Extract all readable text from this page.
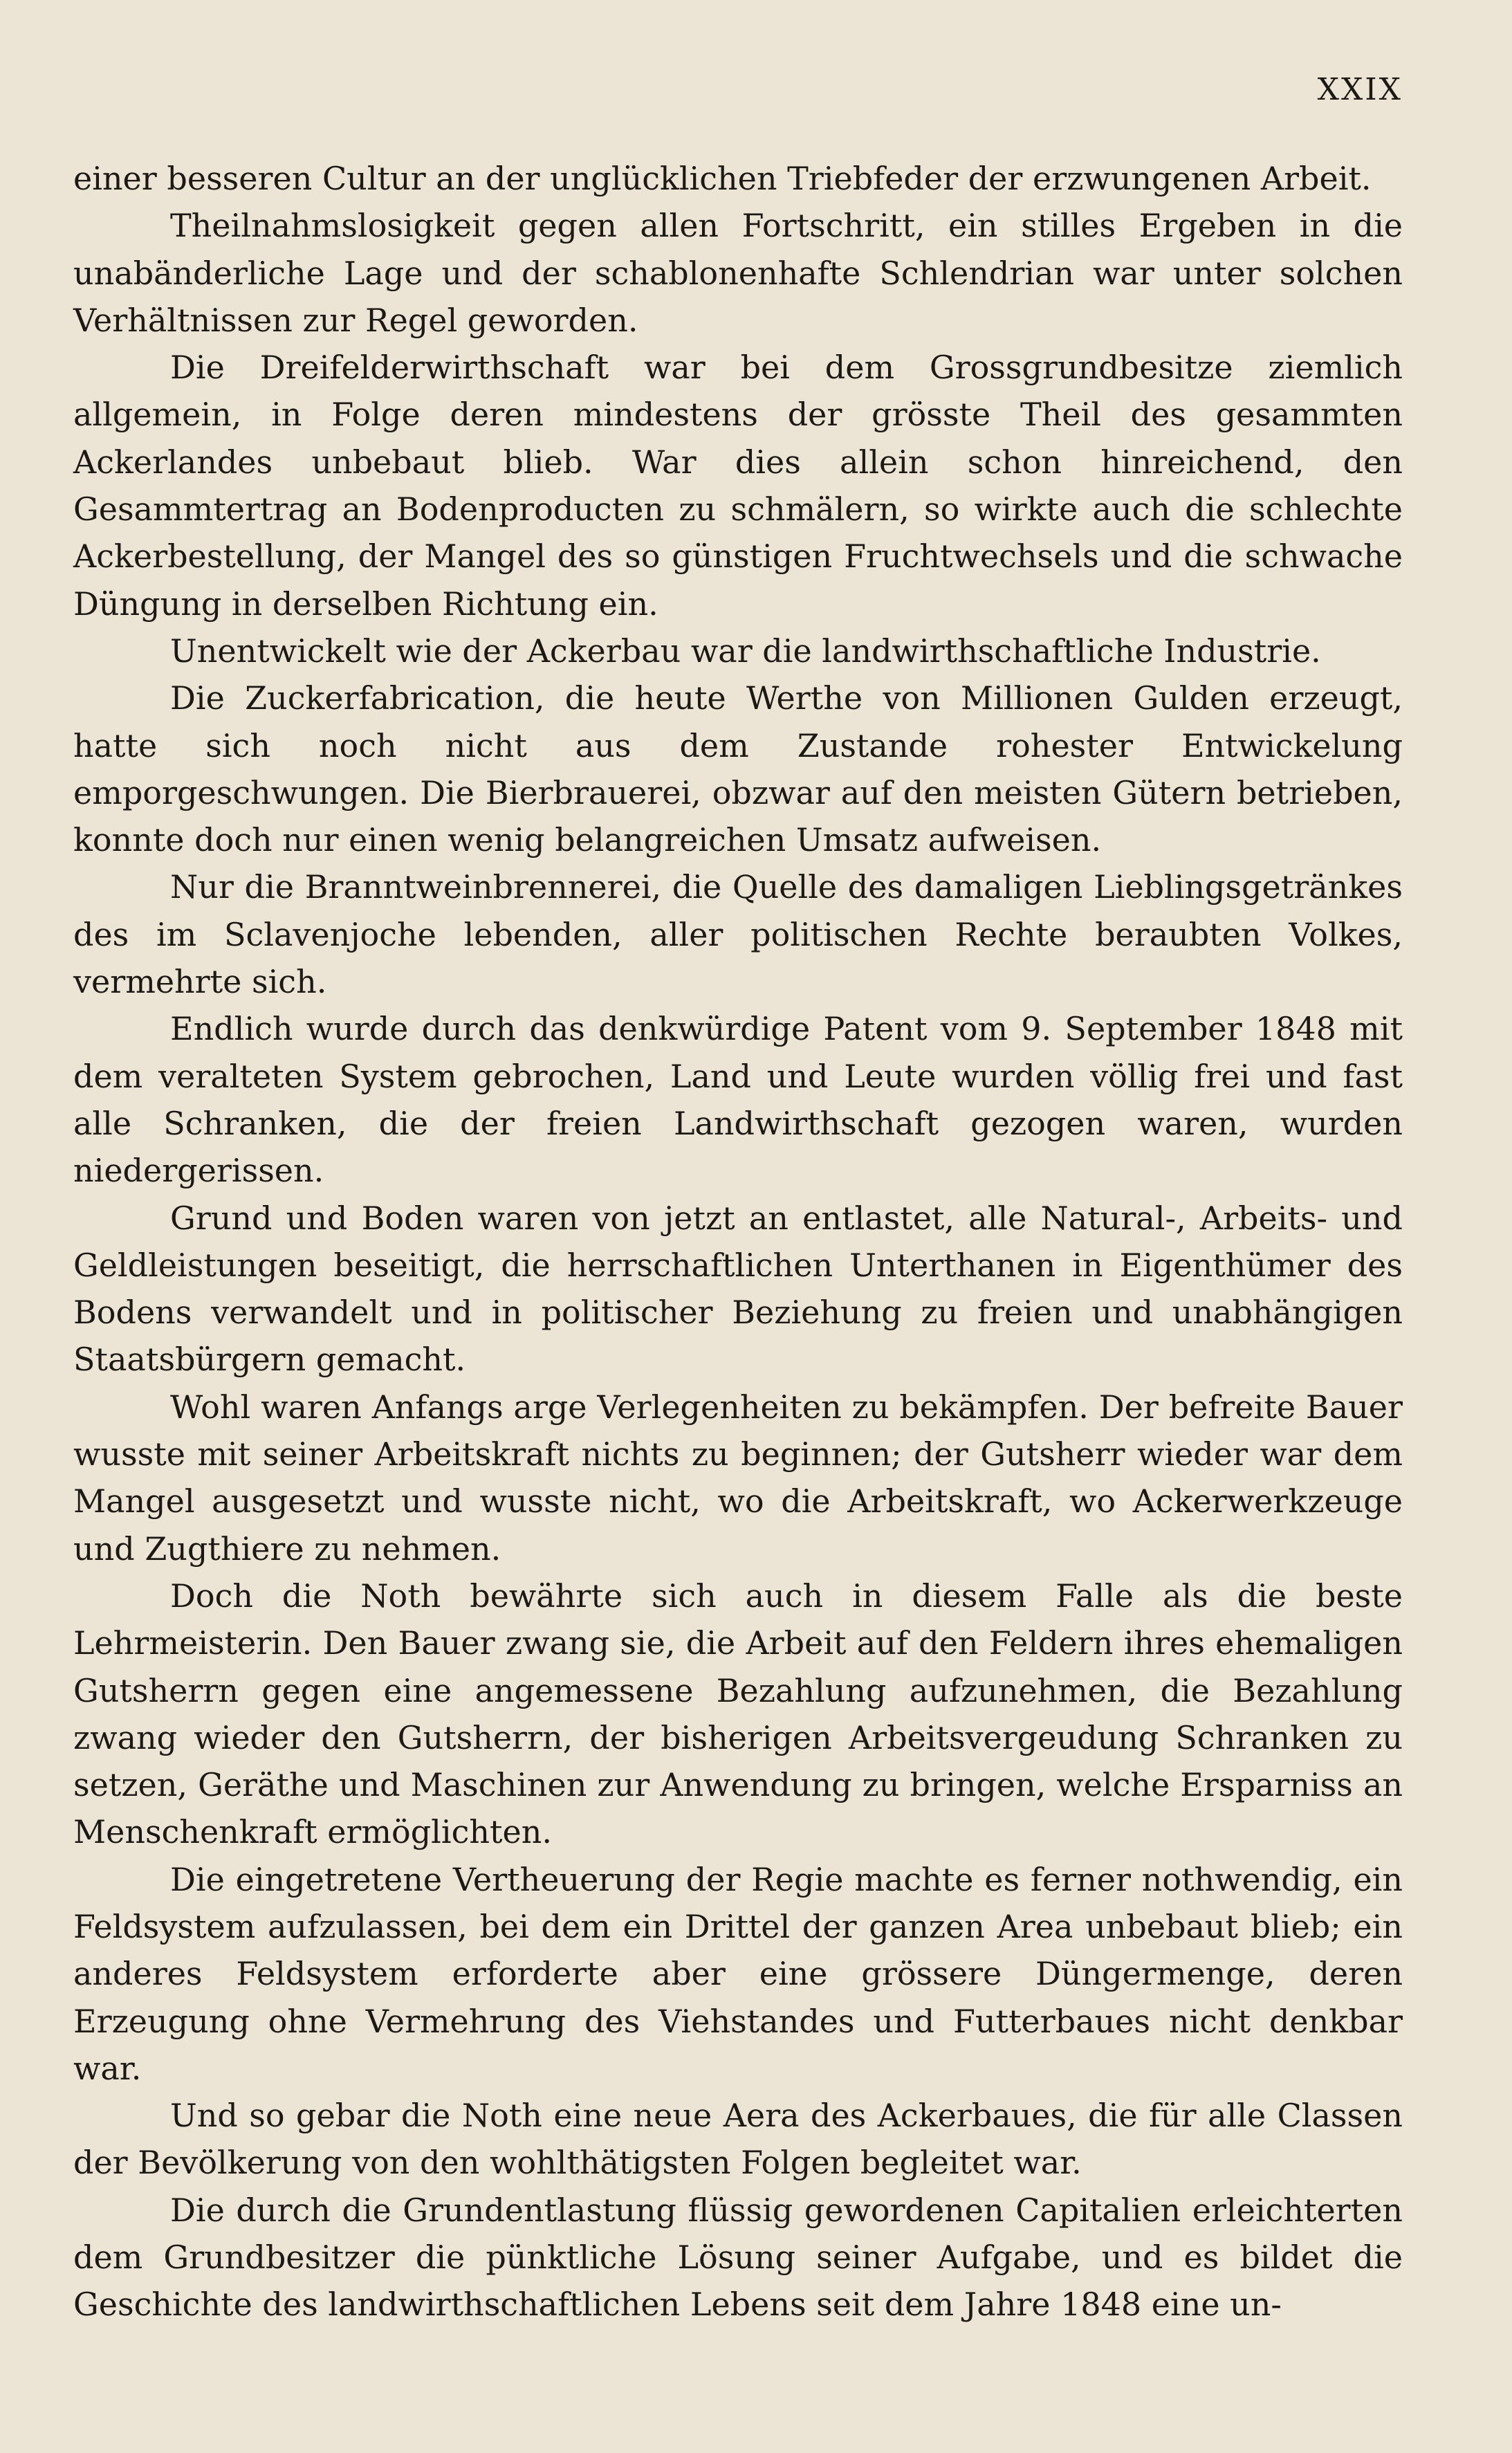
XXIX

einer besseren Cultur an der unglücklichen Triebfeder der erzwungenen Arbeit.

Theilnahmslosigkeit gegen allen Fortschritt, ein stilles Ergeben in die unabänderliche Lage und der schablonenhafte Schlendrian war unter solchen Verhältnissen zur Regel geworden.

Die Dreifelderwirthschaft war bei dem Grossgrundbesitze ziemlich allgemein, in Folge deren mindestens der grösste Theil des gesammten Ackerlandes unbebaut blieb. War dies allein schon hinreichend, den Gesammtertrag an Bodenproducten zu schmälern, so wirkte auch die schlechte Ackerbestellung, der Mangel des so günstigen Fruchtwechsels und die schwache Düngung in derselben Richtung ein.

Unentwickelt wie der Ackerbau war die landwirthschaftliche Industrie.

Die Zuckerfabrication, die heute Werthe von Millionen Gulden erzeugt, hatte sich noch nicht aus dem Zustande rohester Entwickelung emporgeschwungen. Die Bierbrauerei, obzwar auf den meisten Gütern betrieben, konnte doch nur einen wenig belangreichen Umsatz aufweisen.

Nur die Branntweinbrennerei, die Quelle des damaligen Lieblingsgetränkes des im Sclavenjoche lebenden, aller politischen Rechte beraubten Volkes, vermehrte sich.

Endlich wurde durch das denkwürdige Patent vom 9. September 1848 mit dem veralteten System gebrochen, Land und Leute wurden völlig frei und fast alle Schranken, die der freien Landwirthschaft gezogen waren, wurden niedergerissen.

Grund und Boden waren von jetzt an entlastet, alle Natural-, Arbeits- und Geldleistungen beseitigt, die herrschaftlichen Unterthanen in Eigenthümer des Bodens verwandelt und in politischer Beziehung zu freien und unabhängigen Staatsbürgern gemacht.

Wohl waren Anfangs arge Verlegenheiten zu bekämpfen. Der befreite Bauer wusste mit seiner Arbeitskraft nichts zu beginnen; der Gutsherr wieder war dem Mangel ausgesetzt und wusste nicht, wo die Arbeitskraft, wo Ackerwerkzeuge und Zugthiere zu nehmen.

Doch die Noth bewährte sich auch in diesem Falle als die beste Lehrmeisterin. Den Bauer zwang sie, die Arbeit auf den Feldern ihres ehemaligen Gutsherrn gegen eine angemessene Bezahlung aufzunehmen, die Bezahlung zwang wieder den Gutsherrn, der bisherigen Arbeitsvergeudung Schranken zu setzen, Geräthe und Maschinen zur Anwendung zu bringen, welche Ersparniss an Menschenkraft ermöglichten.

Die eingetretene Vertheuerung der Regie machte es ferner nothwendig, ein Feldsystem aufzulassen, bei dem ein Drittel der ganzen Area unbebaut blieb; ein anderes Feldsystem erforderte aber eine grössere Düngermenge, deren Erzeugung ohne Vermehrung des Viehstandes und Futterbaues nicht denkbar war.

Und so gebar die Noth eine neue Aera des Ackerbaues, die für alle Classen der Bevölkerung von den wohlthätigsten Folgen begleitet war.

Die durch die Grundentlastung flüssig gewordenen Capitalien erleichterten dem Grundbesitzer die pünktliche Lösung seiner Aufgabe, und es bildet die Geschichte des landwirthschaftlichen Lebens seit dem Jahre 1848 eine un-
